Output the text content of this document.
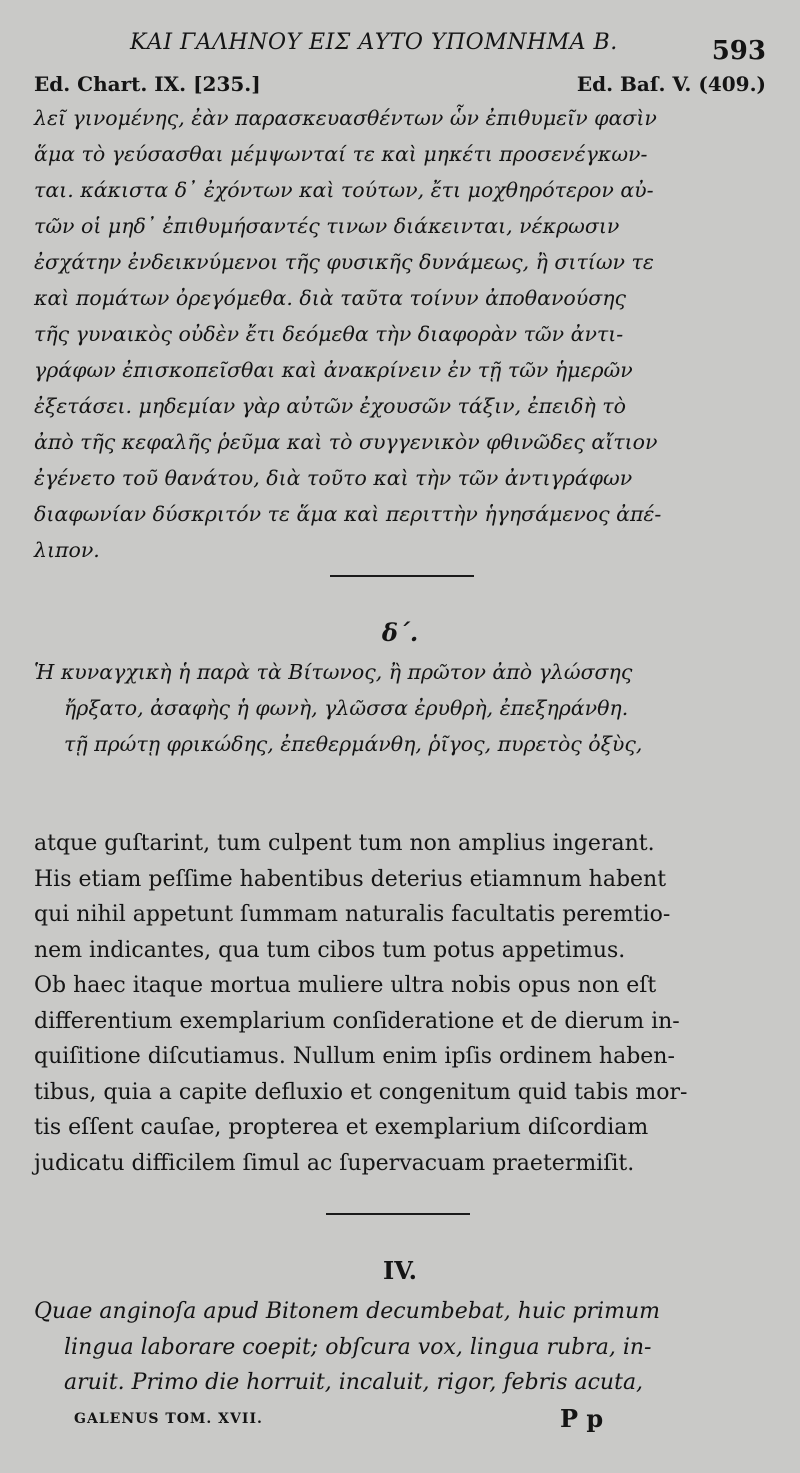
ΚΑΙ ΓΑΛΗΝΟΥ ΕΙΣ ΑΥΤΟ ΥΠΟΜΝΗΜΑ Β.	593
Ed. Chart. IX. [235.]	Ed. Baſ. V. (409.)
λεῖ γινομένης, ἐὰν παρασκευασθέντων ὧν ἐπιθυμεῖν φασὶν
ἅμα τὸ γεύσασθαι μέμψωνταί τε καὶ μηκέτι προσενέγκων-
ται. κάκιστα δ᾽ ἐχόντων καὶ τούτων, ἔτι μοχθηρότερον αὐ-
τῶν οἱ μηδ᾽ ἐπιθυμήσαντές τινων διάκεινται, νέκρωσιν
ἐσχάτην ἐνδεικνύμενοι τῆς φυσικῆς δυνάμεως, ἢ σιτίων τε
καὶ πομάτων ὀρεγόμεθα. διὰ ταῦτα τοίνυν ἀποθανούσης
τῆς γυναικὸς οὐδὲν ἔτι δεόμεθα τὴν διαφορὰν τῶν ἀντι-
γράφων ἐπισκοπεῖσθαι καὶ ἀνακρίνειν ἐν τῇ τῶν ἡμερῶν
ἐξετάσει. μηδεμίαν γὰρ αὐτῶν ἐχουσῶν τάξιν, ἐπειδὴ τὸ
ἀπὸ τῆς κεφαλῆς ῥεῦμα καὶ τὸ συγγενικὸν φθινῶδες αἴτιον
ἐγένετο τοῦ θανάτου, διὰ τοῦτο καὶ τὴν τῶν ἀντιγράφων
διαφωνίαν δύσκριτόν τε ἅμα καὶ περιττὴν ἡγησάμενος ἀπέ-
λιπον.
δ΄.
Ἡ κυναγχικὴ ἡ παρὰ τὰ Βίτωνος, ἢ πρῶτον ἀπὸ γλώσσης
ἤρξατο, ἀσαφὴς ἡ φωνὴ, γλῶσσα ἐρυθρὴ, ἐπεξηράνθη.
τῇ πρώτῃ φρικώδης, ἐπεθερμάνθη, ῥῖγος, πυρετὸς ὀξὺς,
atque guſtarint, tum culpent tum non amplius ingerant.
His etiam peſſime habentibus deterius etiamnum habent
qui nihil appetunt ſummam naturalis facultatis peremtio-
nem indicantes, qua tum cibos tum potus appetimus.
Ob haec itaque mortua muliere ultra nobis opus non eſt
differentium exemplarium conſideratione et de dierum in-
quiſitione diſcutiamus. Nullum enim ipſis ordinem haben-
tibus, quia a capite defluxio et congenitum quid tabis mor-
tis eſſent cauſae, propterea et exemplarium diſcordiam
judicatu difficilem ſimul ac ſupervacuam praetermiſit.
IV.
Quae anginoſa apud Bitonem decumbebat, huic primum
lingua laborare coepit; obſcura vox, lingua rubra, in-
aruit. Primo die horruit, incaluit, rigor, febris acuta,
GALENUS TOM. XVII.	P p
